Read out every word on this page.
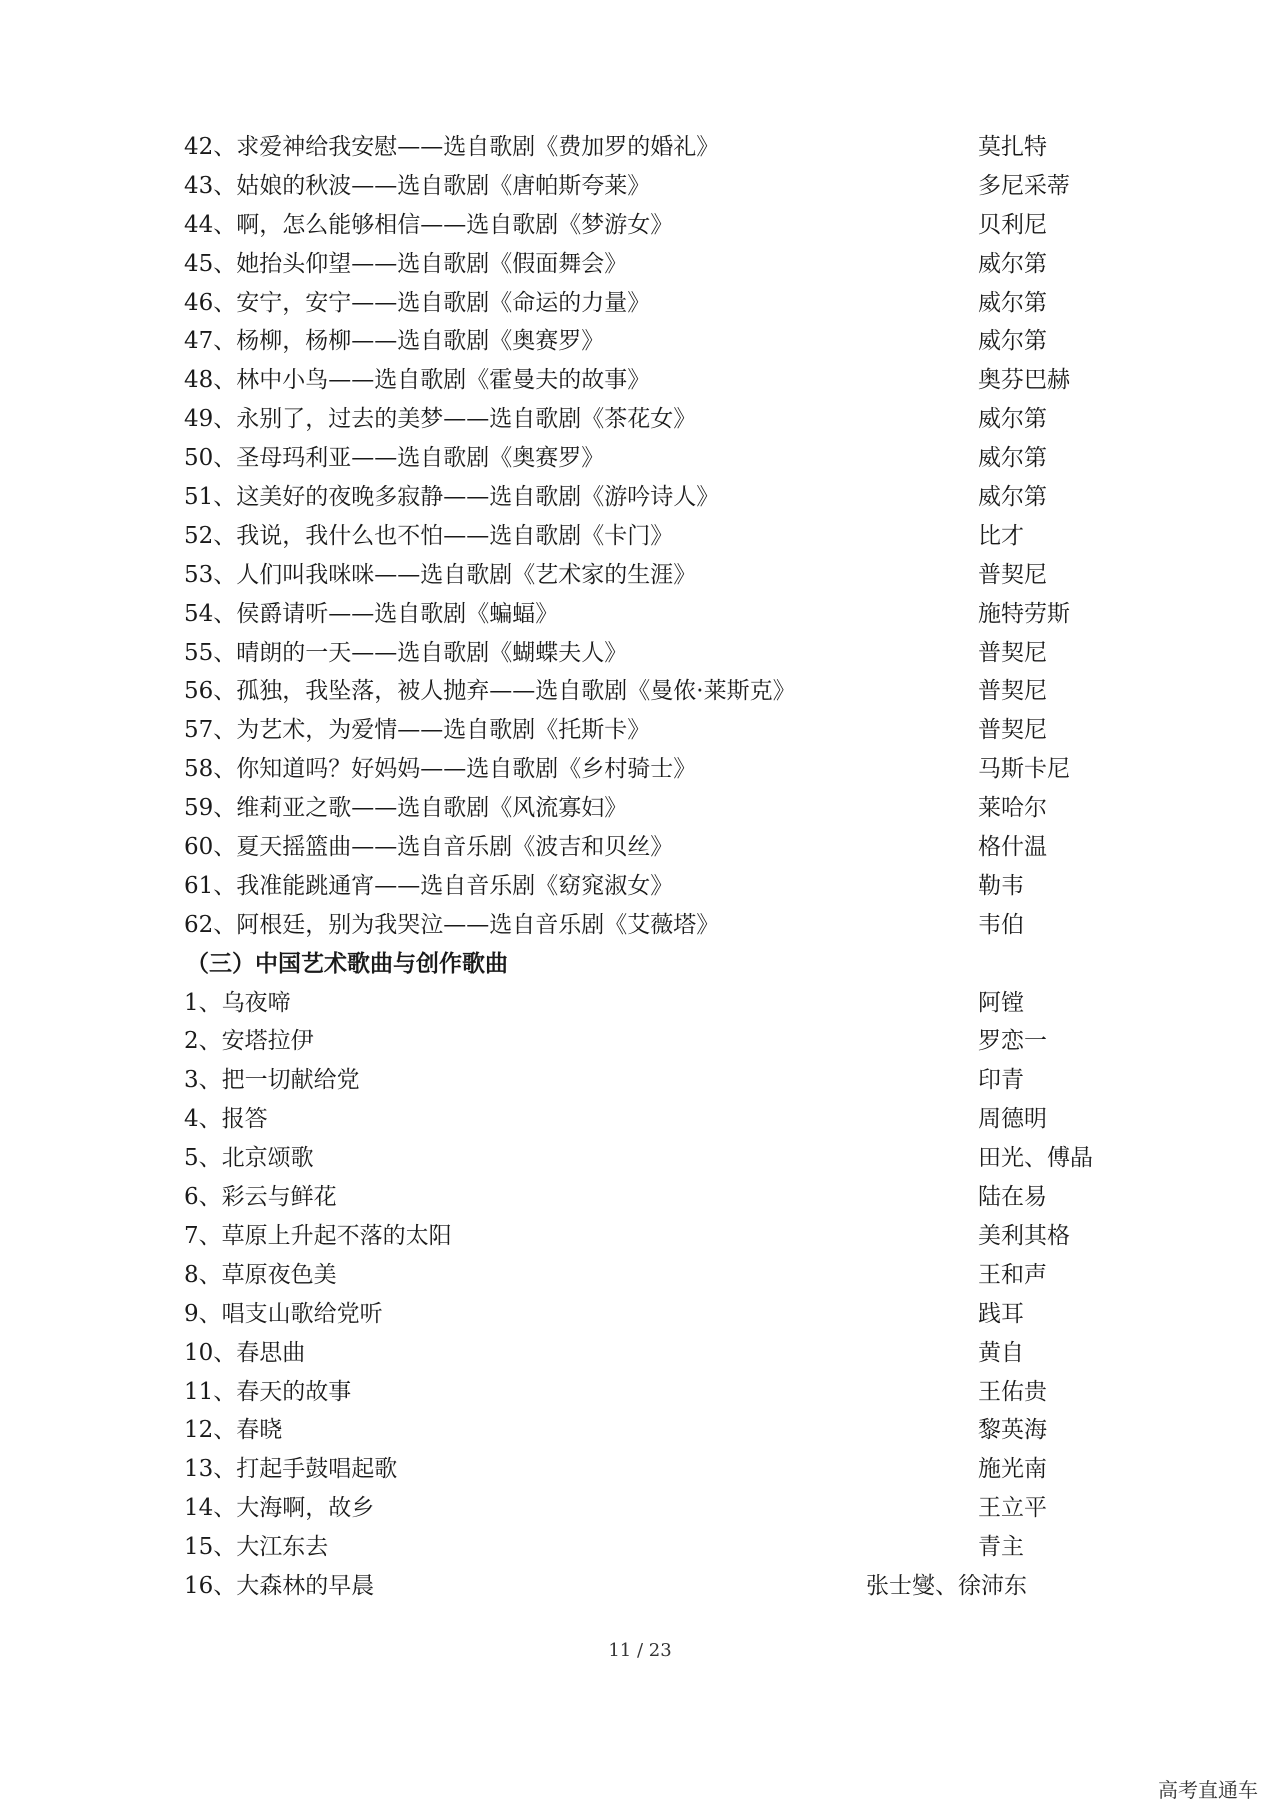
42、求爱神给我安慰——选自歌剧《费加罗的婚礼》	莫扎特
43、姑娘的秋波——选自歌剧《唐帕斯夸莱》	多尼采蒂
44、啊，怎么能够相信——选自歌剧《梦游女》	贝利尼
45、她抬头仰望——选自歌剧《假面舞会》	威尔第
46、安宁，安宁——选自歌剧《命运的力量》	威尔第
47、杨柳，杨柳——选自歌剧《奥赛罗》	威尔第
48、林中小鸟——选自歌剧《霍曼夫的故事》	奥芬巴赫
49、永别了，过去的美梦——选自歌剧《茶花女》	威尔第
50、圣母玛利亚——选自歌剧《奥赛罗》	威尔第
51、这美好的夜晚多寂静——选自歌剧《游吟诗人》	威尔第
52、我说，我什么也不怕——选自歌剧《卡门》	比才
53、人们叫我咪咪——选自歌剧《艺术家的生涯》	普契尼
54、侯爵请听——选自歌剧《蝙蝠》	施特劳斯
55、晴朗的一天——选自歌剧《蝴蝶夫人》	普契尼
56、孤独，我坠落，被人抛弃——选自歌剧《曼侬·莱斯克》	普契尼
57、为艺术，为爱情——选自歌剧《托斯卡》	普契尼
58、你知道吗？好妈妈——选自歌剧《乡村骑士》	马斯卡尼
59、维莉亚之歌——选自歌剧《风流寡妇》	莱哈尔
60、夏天摇篮曲——选自音乐剧《波吉和贝丝》	格什温
61、我准能跳通宵——选自音乐剧《窈窕淑女》	勒韦
62、阿根廷，别为我哭泣——选自音乐剧《艾薇塔》	韦伯
（三）中国艺术歌曲与创作歌曲
1、乌夜啼	阿镗
2、安塔拉伊	罗恋一
3、把一切献给党	印青
4、报答	周德明
5、北京颂歌	田光、傅晶
6、彩云与鲜花	陆在易
7、草原上升起不落的太阳	美利其格
8、草原夜色美	王和声
9、唱支山歌给党听	践耳
10、春思曲	黄自
11、春天的故事	王佑贵
12、春晓	黎英海
13、打起手鼓唱起歌	施光南
14、大海啊，故乡	王立平
15、大江东去	青主
16、大森林的早晨	张士燮、徐沛东
11 / 23
高考直通车
